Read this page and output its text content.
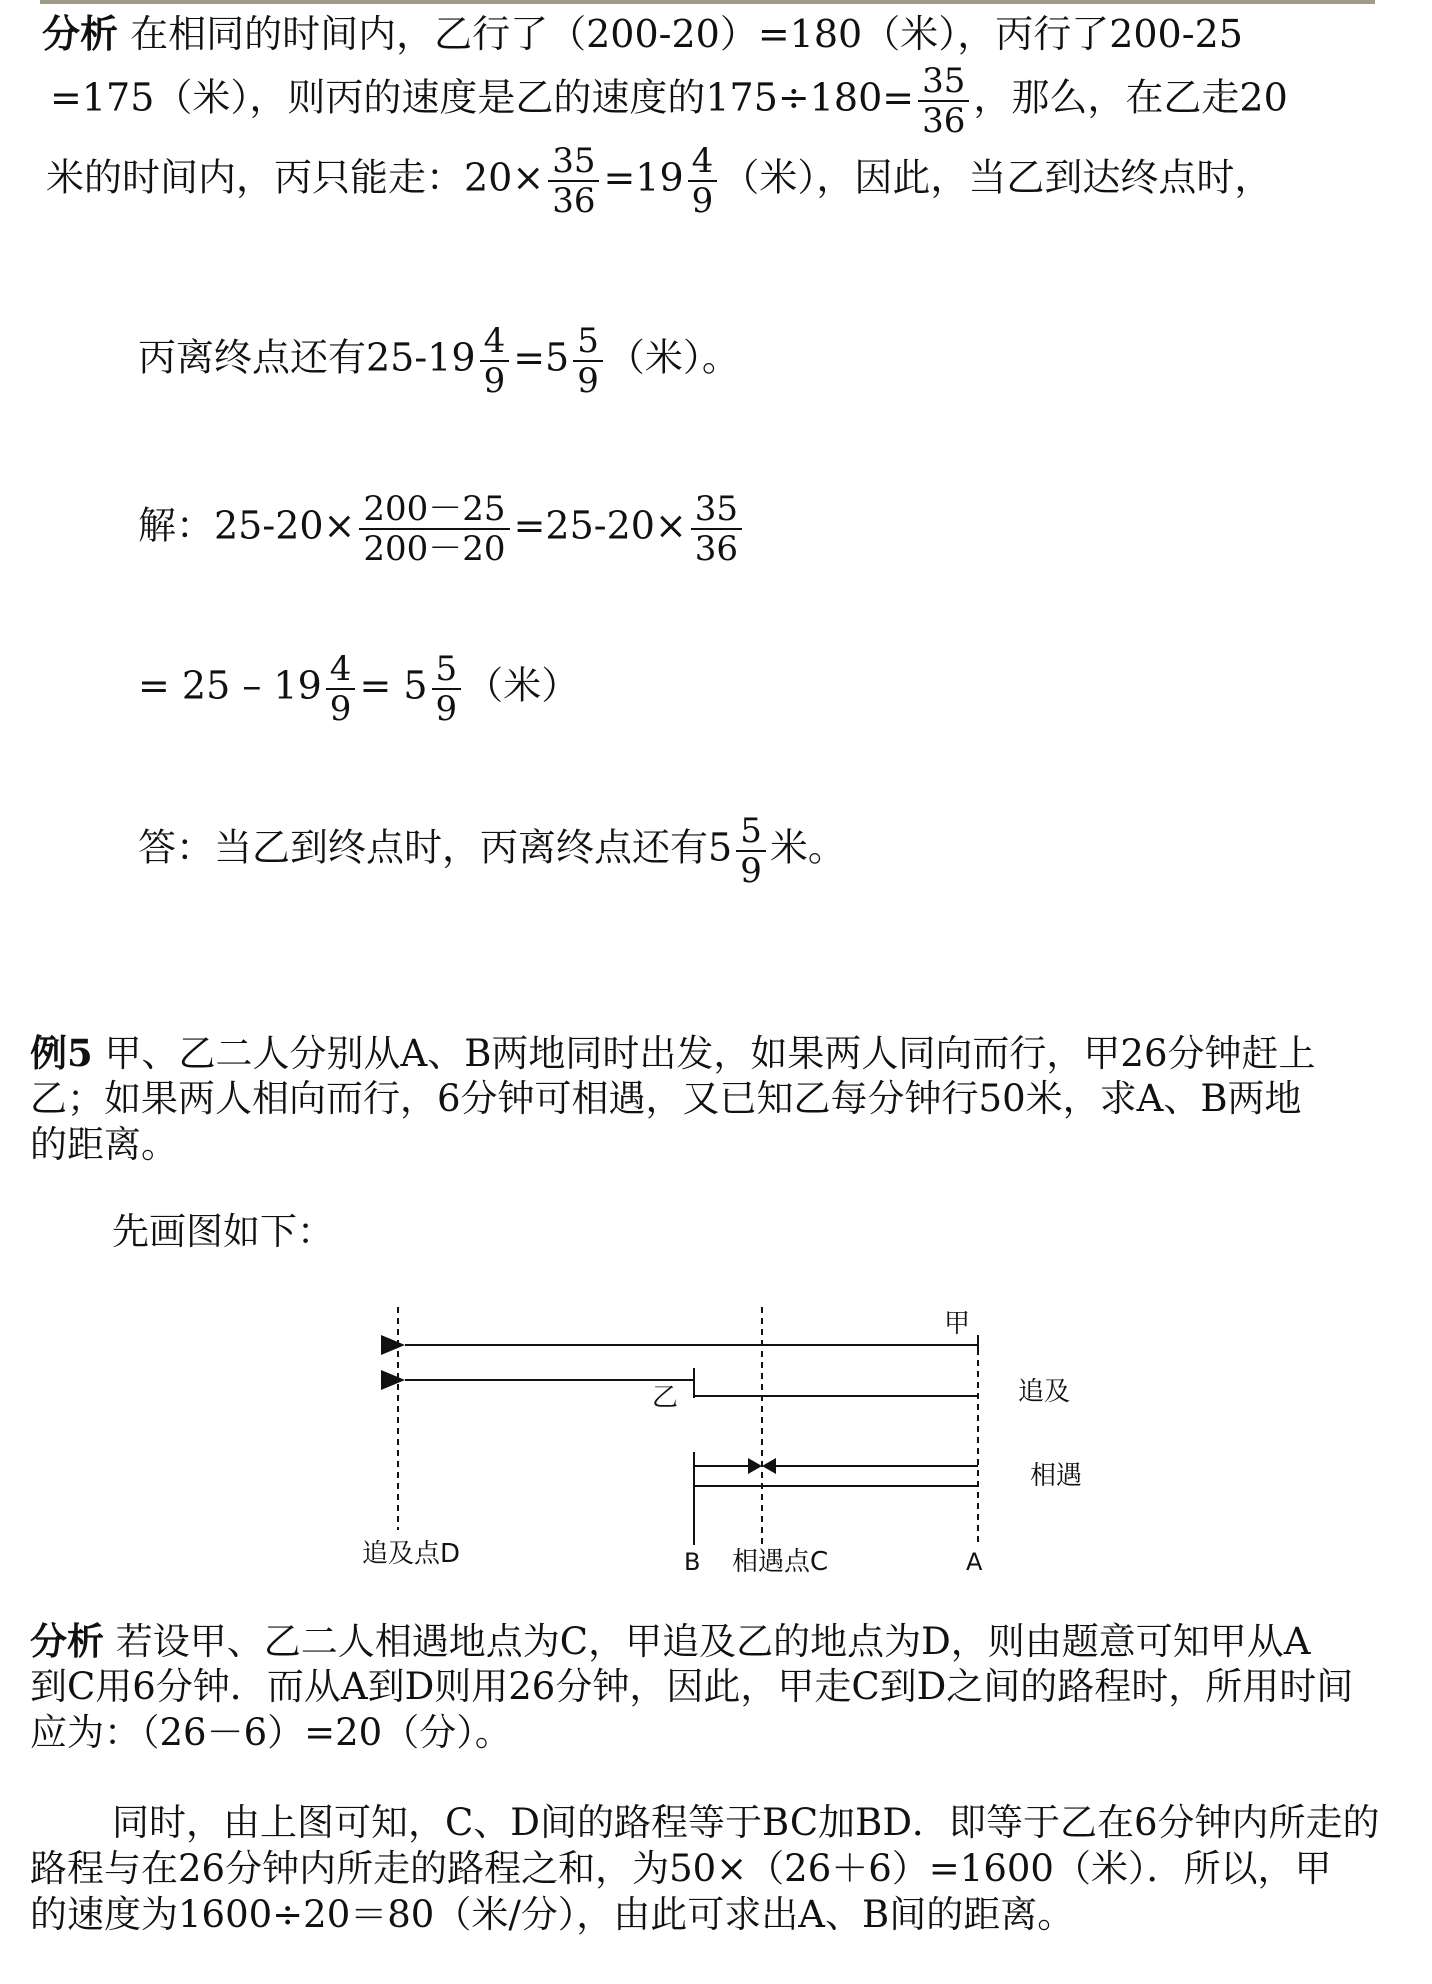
分析 在相同的时间内，乙行了（200-20）=180（米），丙行了200-25
=175（米），则丙的速度是乙的速度的$175\div 180= \frac{35}{36}$ ，那么，在乙走20
米的时间内，丙只能走：$20\times \frac{35}{36} =19 \frac{4}{9}$ （米），因此，当乙到达终点时，
丙离终点还有$25-19 \frac{4}{9} =5 \frac{5}{9}$ （米）。
解：$25-20\times \frac{200-25}{200-20} =25-20\times \frac{35}{36}$
= $25 - 19 \frac{4}{9} = 5 \frac{5}{9}$ （米）
答：当乙到终点时，丙离终点还有$5 \frac{5}{9}$ 米。
例5 甲、乙二人分别从A、B两地同时出发，如果两人同向而行，甲26分钟赶上
乙；如果两人相向而行，6分钟可相遇，又已知乙每分钟行50米，求A、B两地
的距离。
先画图如下：
甲
乙	追及
相遇
追及点D	B 相遇点C	A
分析 若设甲、乙二人相遇地点为C，甲追及乙的地点为D，则由题意可知甲从A
到C用6分钟．而从A到D则用26分钟，因此，甲走C到D之间的路程时，所用时间
应为：（26－6）=20（分）。
同时，由上图可知，C、D间的路程等于BC加BD．即等于乙在6分钟内所走的
路程与在26分钟内所走的路程之和，为50×（26＋6）=1600（米）．所以，甲
的速度为1600÷20＝80（米/分），由此可求出A、B间的距离。
